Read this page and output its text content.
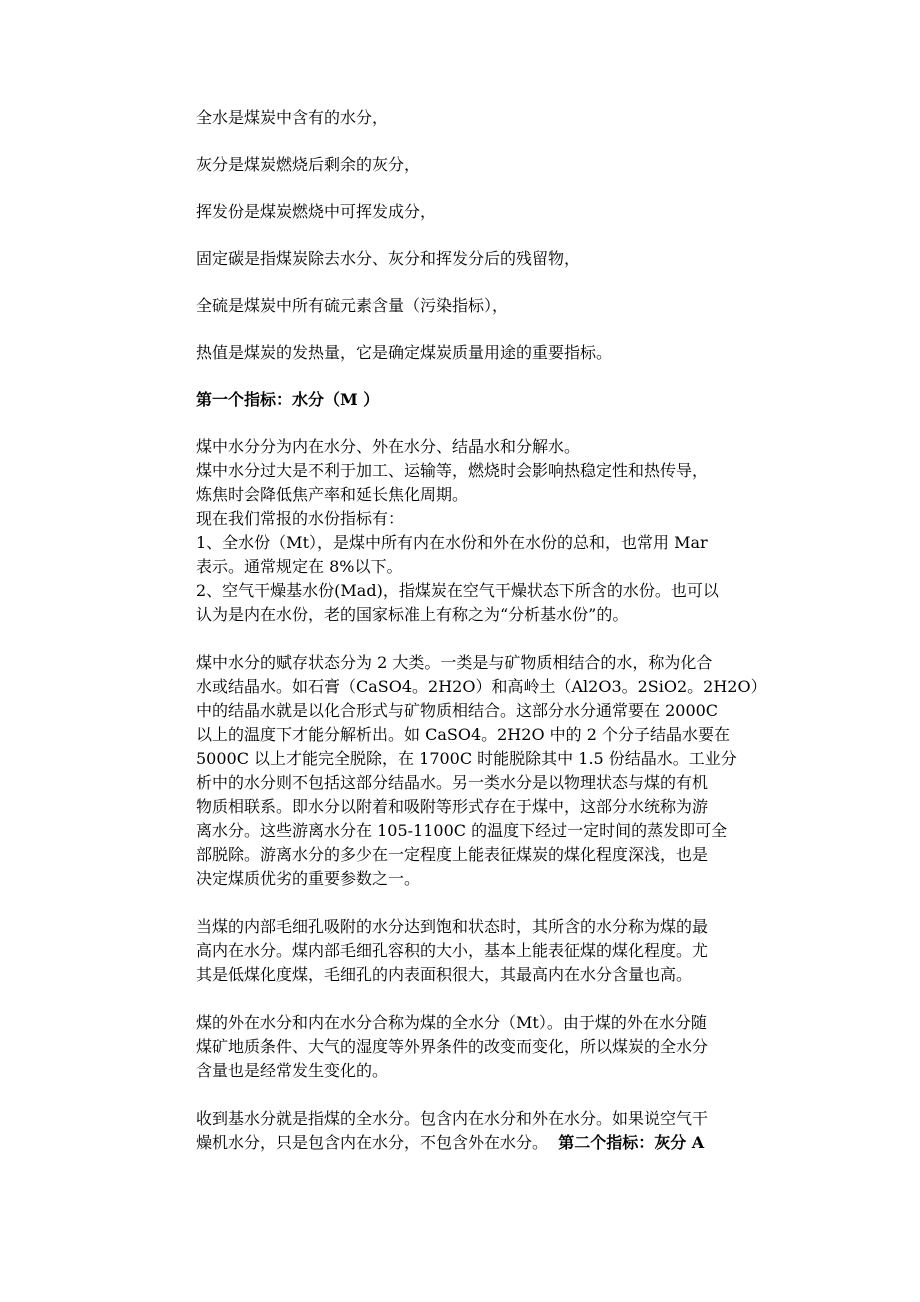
全水是煤炭中含有的水分，

灰分是煤炭燃烧后剩余的灰分，

挥发份是煤炭燃烧中可挥发成分，

固定碳是指煤炭除去水分、灰分和挥发分后的残留物，

全硫是煤炭中所有硫元素含量（污染指标），

热值是煤炭的发热量，它是确定煤炭质量用途的重要指标。

第一个指标：水分（M ）

煤中水分分为内在水分、外在水分、结晶水和分解水。
煤中水分过大是不利于加工、运输等，燃烧时会影响热稳定性和热传导，
炼焦时会降低焦产率和延长焦化周期。
现在我们常报的水份指标有：
1、全水份（Mt），是煤中所有内在水份和外在水份的总和，也常用 Mar
表示。通常规定在 8%以下。
2、空气干燥基水份(Mad)，指煤炭在空气干燥状态下所含的水份。也可以
认为是内在水份，老的国家标准上有称之为“分析基水份”的。
煤中水分的赋存状态分为 2 大类。一类是与矿物质相结合的水，称为化合
水或结晶水。如石膏（CaSO4。2H2O）和高岭土（Al2O3。2SiO2。2H2O）
中的结晶水就是以化合形式与矿物质相结合。这部分水分通常要在 2000C
以上的温度下才能分解析出。如 CaSO4。2H2O 中的 2 个分子结晶水要在
5000C 以上才能完全脱除，在 1700C 时能脱除其中 1.5 份结晶水。工业分
析中的水分则不包括这部分结晶水。另一类水分是以物理状态与煤的有机
物质相联系。即水分以附着和吸附等形式存在于煤中，这部分水统称为游
离水分。这些游离水分在 105-1100C 的温度下经过一定时间的蒸发即可全
部脱除。游离水分的多少在一定程度上能表征煤炭的煤化程度深浅，也是
决定煤质优劣的重要参数之一。
当煤的内部毛细孔吸附的水分达到饱和状态时，其所含的水分称为煤的最
高内在水分。煤内部毛细孔容积的大小，基本上能表征煤的煤化程度。尤
其是低煤化度煤，毛细孔的内表面积很大，其最高内在水分含量也高。
煤的外在水分和内在水分合称为煤的全水分（Mt）。由于煤的外在水分随
煤矿地质条件、大气的湿度等外界条件的改变而变化，所以煤炭的全水分
含量也是经常发生变化的。
收到基水分就是指煤的全水分。包含内在水分和外在水分。如果说空气干
燥机水分，只是包含内在水分，不包含外在水分。 第二个指标：灰分 A
